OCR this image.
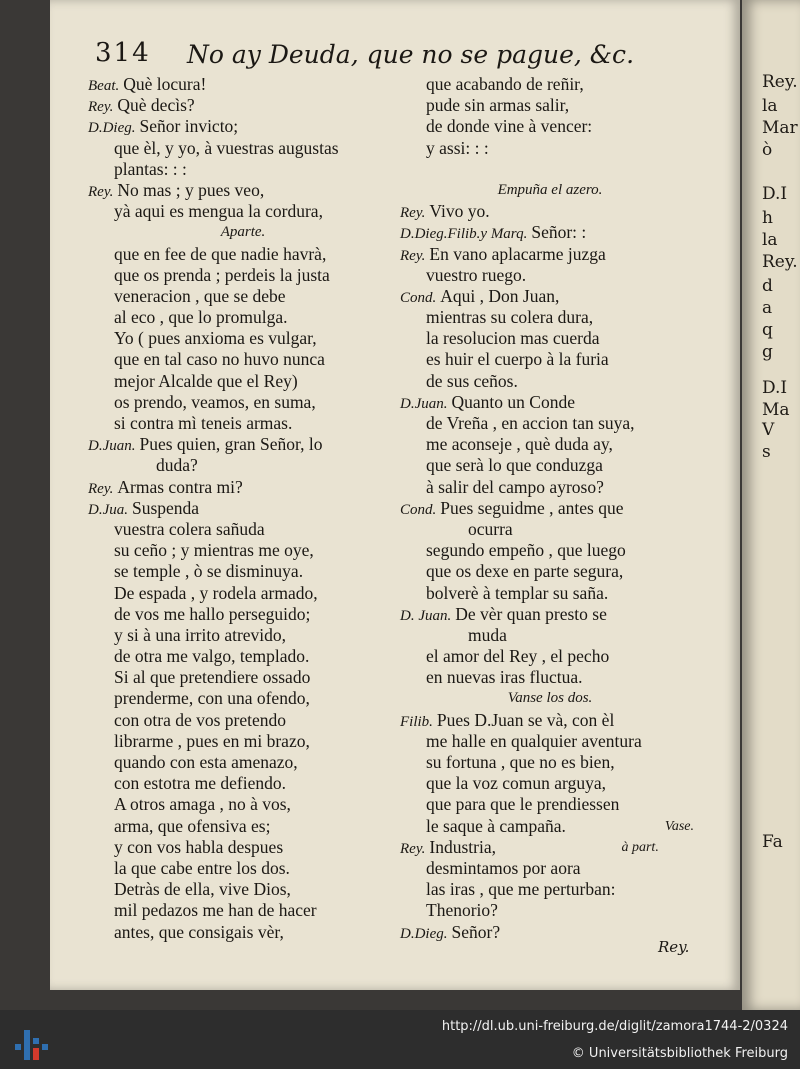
Rey.
la
Mar
ò
D.I
h
la
Rey.
d
a
q
g
D.I
Ma
V
s
Fa
314 No ay Deuda, que no se pague, &c.
Beat. Què locura!
Rey. Què decìs?
D.Dieg. Señor invicto;
que èl, y yo, à vuestras augustas
plantas: : :
Rey. No mas ; y pues veo,
yà aqui es mengua la cordura,
Aparte.
que en fee de que nadie havrà,
que os prenda ; perdeis la justa
veneracion , que se debe
al eco , que lo promulga.
Yo ( pues anxioma es vulgar,
que en tal caso no huvo nunca
mejor Alcalde que el Rey)
os prendo, veamos, en suma,
si contra mì teneis armas.
D.Juan. Pues quien, gran Señor, lo
duda?
Rey. Armas contra mi?
D.Jua. Suspenda
vuestra colera sañuda
su ceño ; y mientras me oye,
se temple , ò se disminuya.
De espada , y rodela armado,
de vos me hallo perseguido;
y si à una irrito atrevido,
de otra me valgo, templado.
Si al que pretendiere ossado
prenderme, con una ofendo,
con otra de vos pretendo
librarme , pues en mi brazo,
quando con esta amenazo,
con estotra me defiendo.
A otros amaga , no à vos,
arma, que ofensiva es;
y con vos habla despues
la que cabe entre los dos.
Detràs de ella, vive Dios,
mil pedazos me han de hacer
antes, que consigais vèr,
que acabando de reñir,
pude sin armas salir,
de donde vine à vencer:
y assi: : :
Empuña el azero.
Rey. Vivo yo.
D.Dieg.Filib.y Marq. Señor: :
Rey. En vano aplacarme juzga
vuestro ruego.
Cond. Aqui , Don Juan,
mientras su colera dura,
la resolucion mas cuerda
es huir el cuerpo à la furia
de sus ceños.
D.Juan. Quanto un Conde
de Vreña , en accion tan suya,
me aconseje , què duda ay,
que serà lo que conduzga
à salir del campo ayroso?
Cond. Pues seguidme , antes que
ocurra
segundo empeño , que luego
que os dexe en parte segura,
bolverè à templar su saña.
D. Juan. De vèr quan presto se
muda
el amor del Rey , el pecho
en nuevas iras fluctua.
Vanse los dos.
Filib. Pues D.Juan se và, con èl
me halle en qualquier aventura
su fortuna , que no es bien,
que la voz comun arguya,
que para que le prendiessen
le saque à campaña.	Vase.
Rey. Industria,	à part.
desmintamos por aora
las iras , que me perturban:
Thenorio?
D.Dieg. Señor?
Rey.
http://dl.ub.uni-freiburg.de/diglit/zamora1744-2/0324
© Universitätsbibliothek Freiburg
